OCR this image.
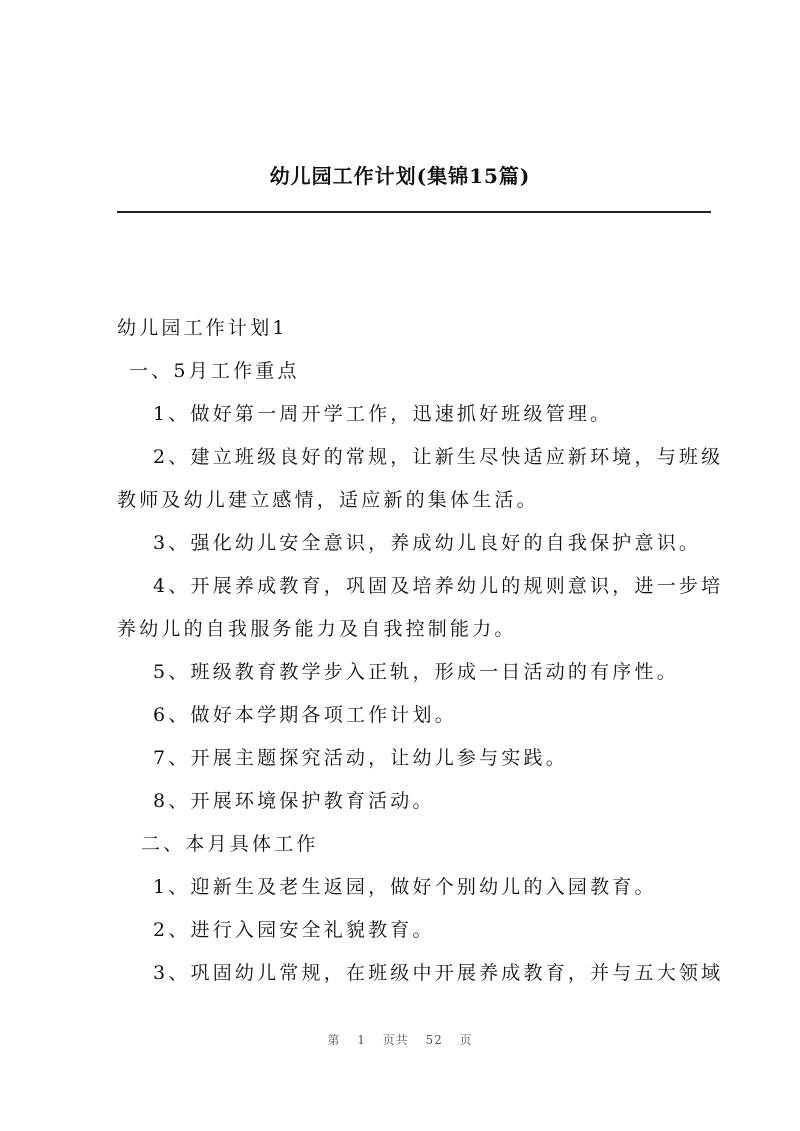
幼儿园工作计划(集锦15篇)
幼儿园工作计划1
一、5月工作重点
1、做好第一周开学工作，迅速抓好班级管理。
2、建立班级良好的常规，让新生尽快适应新环境，与班级
教师及幼儿建立感情，适应新的集体生活。
3、强化幼儿安全意识，养成幼儿良好的自我保护意识。
4、开展养成教育，巩固及培养幼儿的规则意识，进一步培
养幼儿的自我服务能力及自我控制能力。
5、班级教育教学步入正轨，形成一日活动的有序性。
6、做好本学期各项工作计划。
7、开展主题探究活动，让幼儿参与实践。
8、开展环境保护教育活动。
二、本月具体工作
1、迎新生及老生返园，做好个别幼儿的入园教育。
2、进行入园安全礼貌教育。
3、巩固幼儿常规，在班级中开展养成教育，并与五大领域
第 1 页共 52 页
